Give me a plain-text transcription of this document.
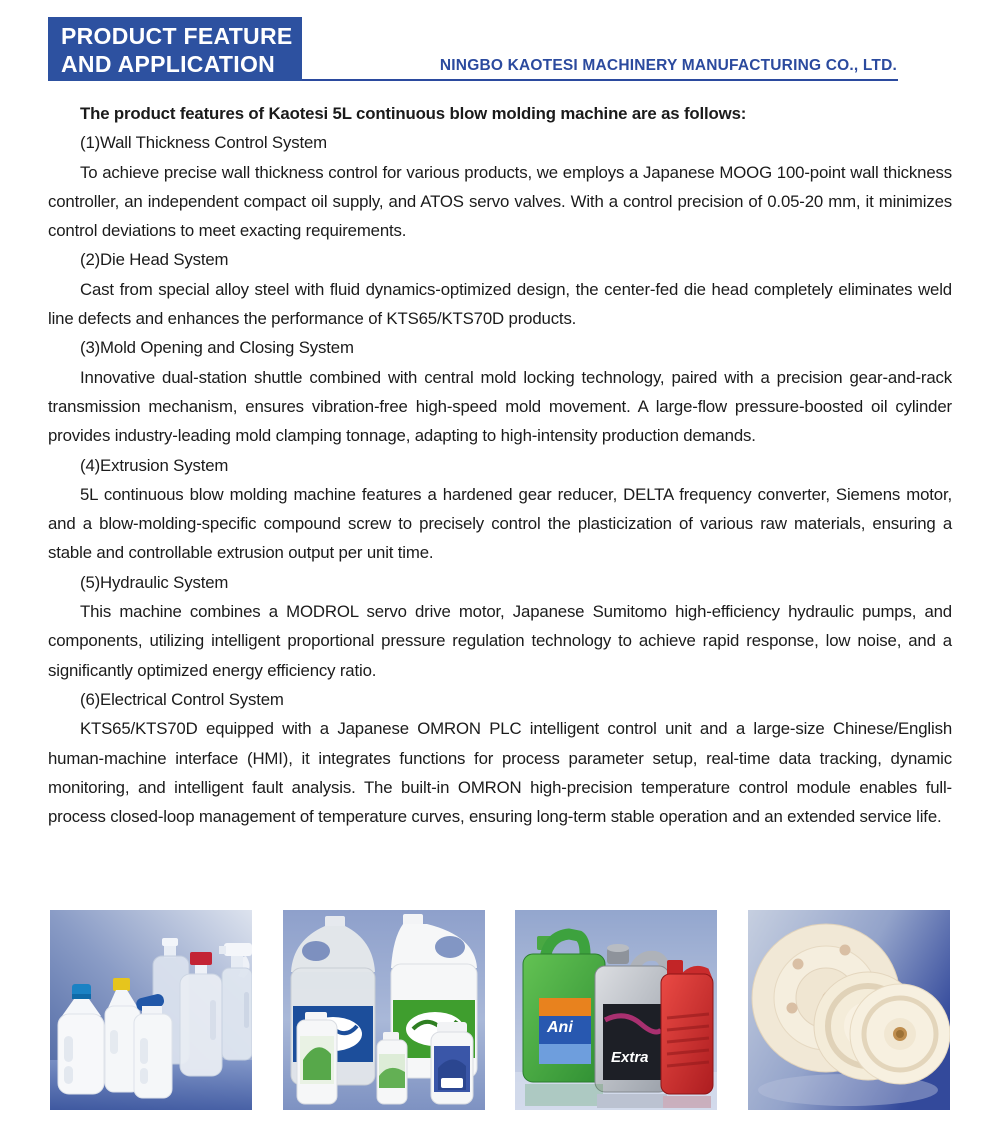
PRODUCT FEATURE
AND APPLICATION	NINGBO KAOTESI MACHINERY MANUFACTURING CO., LTD.

The product features of Kaotesi 5L continuous blow molding machine are as follows:

(1)Wall Thickness Control System

To achieve precise wall thickness control for various products, we employs a Japanese MOOG 100-point wall thickness controller, an independent compact oil supply, and ATOS servo valves. With a control precision of 0.05-20 mm, it minimizes control deviations to meet exacting requirements.

(2)Die Head System

Cast from special alloy steel with fluid dynamics-optimized design, the center-fed die head completely eliminates weld line defects and enhances the performance of KTS65/KTS70D products.

(3)Mold Opening and Closing System

Innovative dual-station shuttle combined with central mold locking technology, paired with a precision gear-and-rack transmission mechanism, ensures vibration-free high-speed mold movement. A large-flow pressure-boosted oil cylinder provides industry-leading mold clamping tonnage, adapting to high-intensity production demands.

(4)Extrusion System

5L continuous blow molding machine features a hardened gear reducer, DELTA frequency converter, Siemens motor, and a blow-molding-specific compound screw to precisely control the plasticization of various raw materials, ensuring a stable and controllable extrusion output per unit time.

(5)Hydraulic System

This machine combines a MODROL servo drive motor, Japanese Sumitomo high-efficiency hydraulic pumps, and components, utilizing intelligent proportional pressure regulation technology to achieve rapid response, low noise, and a significantly optimized energy efficiency ratio.

(6)Electrical Control System

KTS65/KTS70D equipped with a Japanese OMRON PLC intelligent control unit and a large-size Chinese/English human-machine interface (HMI), it integrates functions for process parameter setup, real-time data tracking, dynamic monitoring, and intelligent fault analysis. The built-in OMRON high-precision temperature control module enables full-process closed-loop management of temperature curves, ensuring long-term stable operation and an extended service life.

Ani
Extra
